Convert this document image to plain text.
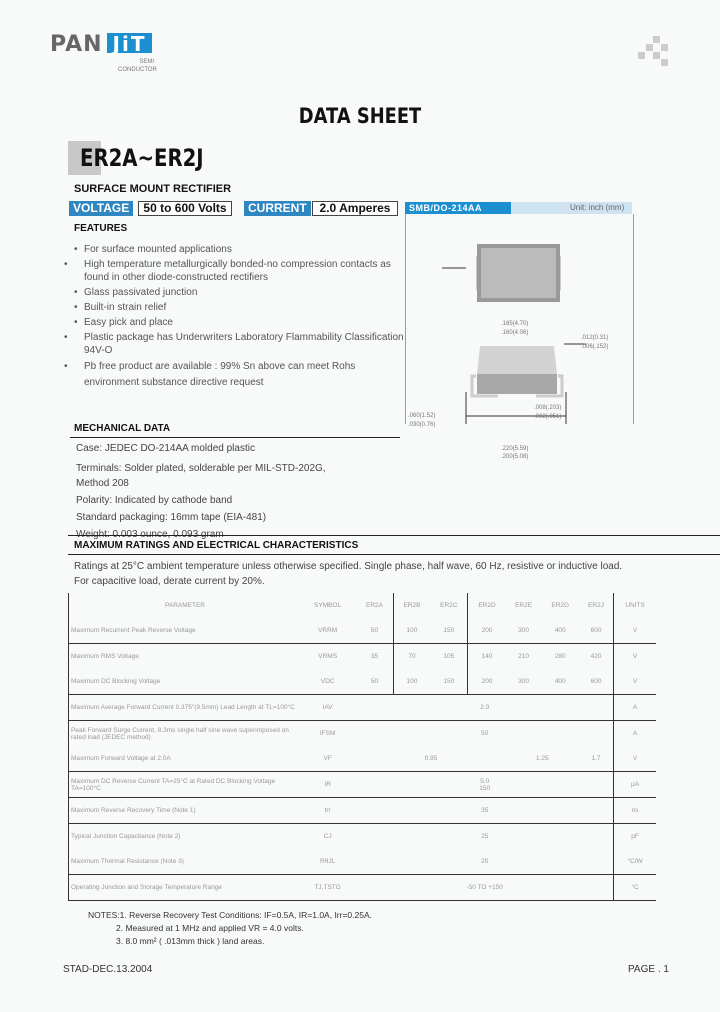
PAN JiT
SEMI
CONDUCTOR
DATA SHEET
ER2A~ER2J
SURFACE MOUNT RECTIFIER
VOLTAGE	50 to 600 Volts	CURRENT	2.0 Amperes
FEATURES
• For surface mounted applications
• High temperature metallurgically bonded-no compression contacts as found in other diode-constructed rectifiers
• Glass passivated junction
• Built-in strain relief
• Easy pick and place
• Plastic package has Underwriters Laboratory Flammability Classification 94V-O
• Pb free product are available : 99% Sn above can meet Rohs environment substance directive request
SMB/DO-214AA	Unit: inch (mm)
.185(4.70)
.160(4.06)
.012(0.31)
.006(.152)
.060(1.52)
.030(0.76)
.008(.203)
.002(.051)
.220(5.59)
.200(5.08)
MECHANICAL DATA
Case: JEDEC DO-214AA molded plastic
Terminals: Solder plated, solderable per MIL-STD-202G,
Method 208
Polarity: Indicated by cathode band
Standard packaging: 16mm tape (EIA-481)
MAXIMUM RATINGS AND ELECTRICAL CHARACTERISTICS
Ratings at 25°C ambient temperature unless otherwise specified. Single phase, half wave, 60 Hz, resistive or inductive load.
For capacitive load, derate current by 20%.
PARAMETER	SYMBOL	ER2A	ER2B	ER2C	ER2D	ER2E	ER2G	ER2J	UNITS
Maximum Recurrent Peak Reverse Voltage	VRRM	50	100	150	200	300	400	600	V
Maximum RMS Voltage	VRMS	35	70	105	140	210	280	420	V
Maximum DC Blocking Voltage	VDC	50	100	150	200	300	400	600	V
Maximum Average Forward Current 0.375"(9.5mm) Lead Length at TL=100°C	IAV	2.0							A
Peak Forward Surge Current, 8.3ms single half sine wave superimposed on rated load (JEDEC method)	IFSM	50							A
Maximum Forward Voltage at 2.0A	VF	0.95				1.25		1.7	V
Maximum DC Reverse Current TA=25°C at Rated DC Blocking Voltage TA=100°C	IR	5.0
150							μA
Maximum Reverse Recovery Time (Note 1)	trr	35							ns
Typical Junction Capacitance (Note 2)	CJ	25							pF
Maximum Thermal Resistance (Note 3)	RθJL	20							°C/W
Operating Junction and Storage Temperature Range	TJ,TSTG	-50 TO +150							°C
NOTES:1. Reverse Recovery Test Conditions: IF=0.5A, IR=1.0A, Irr=0.25A.
2. Measured at 1 MHz and applied VR = 4.0 volts.
3. 8.0 mm² ( .013mm thick ) land areas.
STAD-DEC.13.2004	PAGE . 1
